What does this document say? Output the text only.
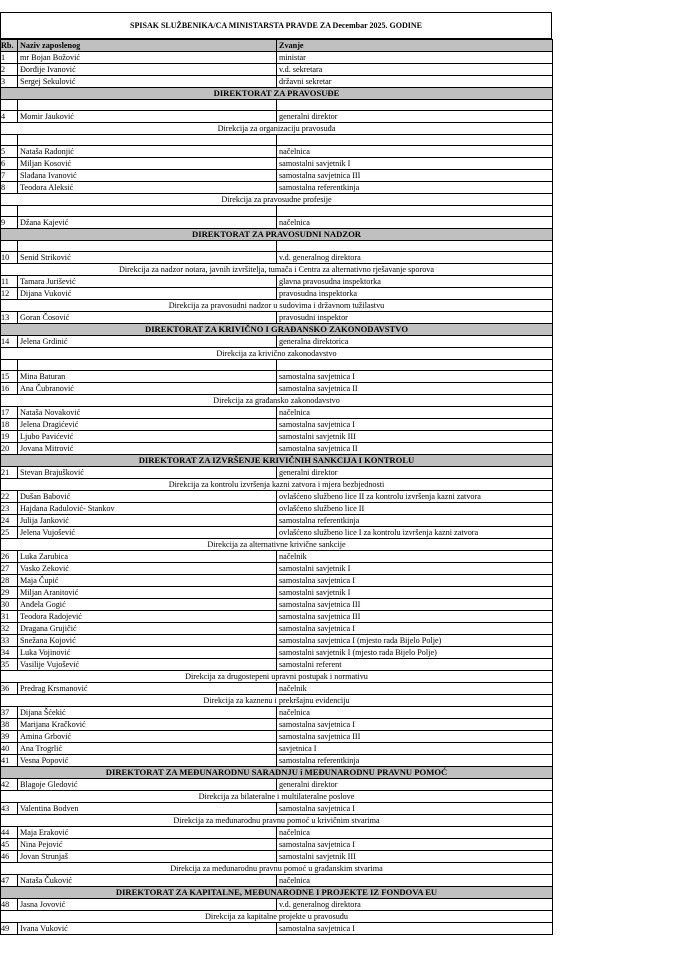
SPISAK SLUŽBENIKA/CA MINISTARSTA PRAVDE ZA Decembar 2025. GODINE
Rb.	Naziv zaposlenog	Zvanje
1	mr Bojan Božović	ministar
2	Đorđije Ivanović	v.d. sekretara
3	Sergej Sekulović	državni sekretar
DIREKTORAT ZA PRAVOSUĐE		

4	Momir Jauković	generalni direktor
Direkcija za organizaciju pravosuđa		

5	Nataša Radonjić	načelnica
6	Miljan Kosović	samostalni savjetnik I
7	Slađana Ivanović	samostalna savjetnica III
8	Teodora Aleksić	samostalna referentkinja
Direkcija za pravosudne profesije		

9	Džana Kajević	načelnica
DIREKTORAT ZA PRAVOSUDNI NADZOR		

10	Senid Striković	v.d. generalnog direktora
Direkcija za nadzor notara, javnih izvršitelja, tumača i Centra za alternativno rješavanje sporova		
11	Tamara Jurišević	glavna pravosudna inspektorka
12	Dijana Vuković	pravosudna inspektorka
Direkcija za pravosudni nadzor u sudovima i državnom tužilastvu		
13	Goran Čosović	pravosudni inspektor
DIREKTORAT ZA KRIVIČNO I GRAĐANSKO ZAKONODAVSTVO		
14	Jelena Grdinić	generalna direktorica
Direkcija za krivično zakonodavstvo		

15	Mina Baturan	samostalna savjetnica I
16	Ana Čubranović	samostalna savjetnica II
Direkcija za građansko zakonodavstvo		
17	Nataša Novaković	načelnica
18	Jelena Dragićević	samostalna savjetnica I
19	Ljubo Pavićević	samostalni savjetnik III
20	Jovana Mitrović	samostalna savjetnica II
DIREKTORAT ZA IZVRŠENJE KRIVIČNIH SANKCIJA I KONTROLU		
21	Stevan Brajušković	generalni direktor
Direkcija za kontrolu izvršenja kazni zatvora i mjera bezbjednosti		
22	Dušan Babović	ovlašćeno službeno lice II za kontrolu izvršenja kazni zatvora
23	Hajdana Radulović- Stankov	ovlašćeno službeno lice II
24	Julija Janković	samostalna referentkinja
25	Jelena Vujošević	ovlašćeno službeno lice I za kontrolu izvršenja kazni zatvora
Direkcija za alternativne krivične sankcije		
26	Luka Zarubica	načelnik
27	Vasko Zeković	samostalni savjetnik I
28	Maja Čupić	samostalna savjetnica I
29	Miljan Aranitović	samostalni savjetnik I
30	Anđela Gogić	samostalna savjetnica III
31	Teodora Radojević	samostalna savjetnica III
32	Dragana Grujičić	samostalna savjetnica I
33	Snežana Kojović	samostalna savjetnica I (mjesto rada Bijelo Polje)
34	Luka Vojinović	samostalni savjetnik I (mjesto rada Bijelo Polje)
35	Vasilije Vujošević	samostalni referent
Direkcija za drugostepeni upravni postupak i normativu		
36	Predrag Krsmanović	načelnik
Direkcija za kaznenu i prekršajnu evidenciju		
37	Dijana Šćekić	načelnica
38	Marijana Kračković	samostalna savjetnica I
39	Amina Grbović	samostalna savjetnica III
40	Ana Trogrlić	savjetnica I
41	Vesna Popović	samostalna referentkinja
DIREKTORAT ZA MEĐUNARODNU SARADNJU i MEĐUNARODNU PRAVNU POMOĆ		
42	Blagoje Gledović	generalni direktor
Direkcija za bilateralne i multilateralne poslove		
43	Valentina Bodven	samostalna savjetnica I
Direkcija za međunarodnu pravnu pomoć u krivičnim stvarima		
44	Maja Eraković	načelnica
45	Nina Pejović	samostalna savjetnica I
46	Jovan Strunjaš	samostalni savjetnik III
Direkcija za međunarodnu pravnu pomoć u građanskim stvarima		
47	Nataša Čuković	načelnica
DIREKTORAT ZA KAPITALNE, MEĐUNARODNE I PROJEKTE IZ FONDOVA EU		
48	Jasna Jovović	v.d. generalnog direktora
Direkcija za kapitalne projekte u pravosuđu		
49	Ivana Vuković	samostalna savjetnica I
